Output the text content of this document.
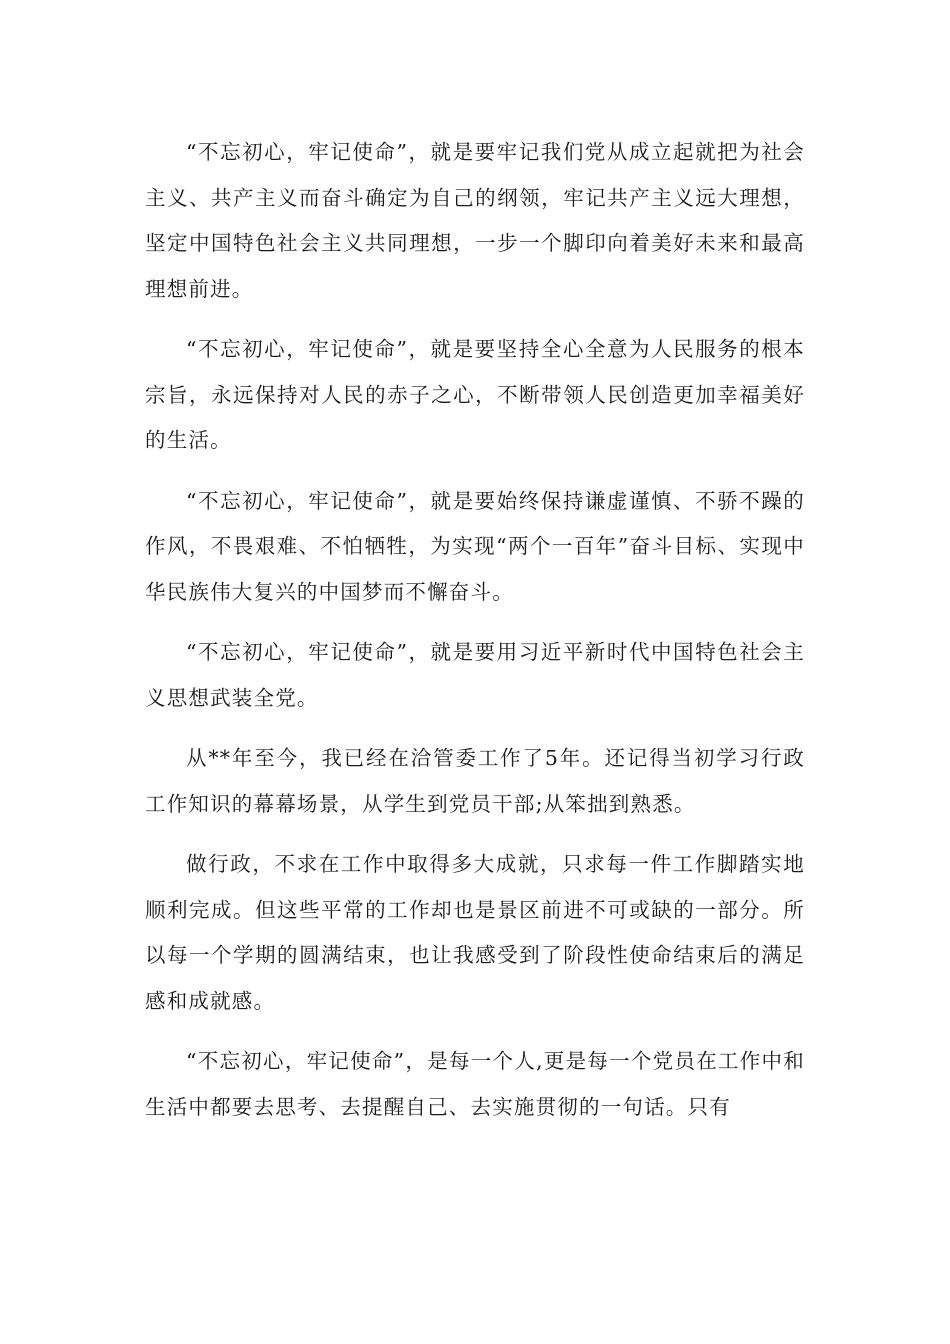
“不忘初心，牢记使命”，就是要牢记我们党从成立起就把为社会主义、共产主义而奋斗确定为自己的纲领，牢记共产主义远大理想，坚定中国特色社会主义共同理想，一步一个脚印向着美好未来和最高理想前进。

“不忘初心，牢记使命”，就是要坚持全心全意为人民服务的根本宗旨，永远保持对人民的赤子之心，不断带领人民创造更加幸福美好的生活。

“不忘初心，牢记使命”，就是要始终保持谦虚谨慎、不骄不躁的作风，不畏艰难、不怕牺牲，为实现“两个一百年”奋斗目标、实现中华民族伟大复兴的中国梦而不懈奋斗。

“不忘初心，牢记使命”，就是要用习近平新时代中国特色社会主义思想武装全党。

从**年至今，我已经在洽管委工作了5年。还记得当初学习行政工作知识的幕幕场景，从学生到党员干部;从笨拙到熟悉。

做行政，不求在工作中取得多大成就，只求每一件工作脚踏实地顺利完成。但这些平常的工作却也是景区前进不可或缺的一部分。所以每一个学期的圆满结束，也让我感受到了阶段性使命结束后的满足感和成就感。

“不忘初心，牢记使命”，是每一个人,更是每一个党员在工作中和生活中都要去思考、去提醒自己、去实施贯彻的一句话。只有
